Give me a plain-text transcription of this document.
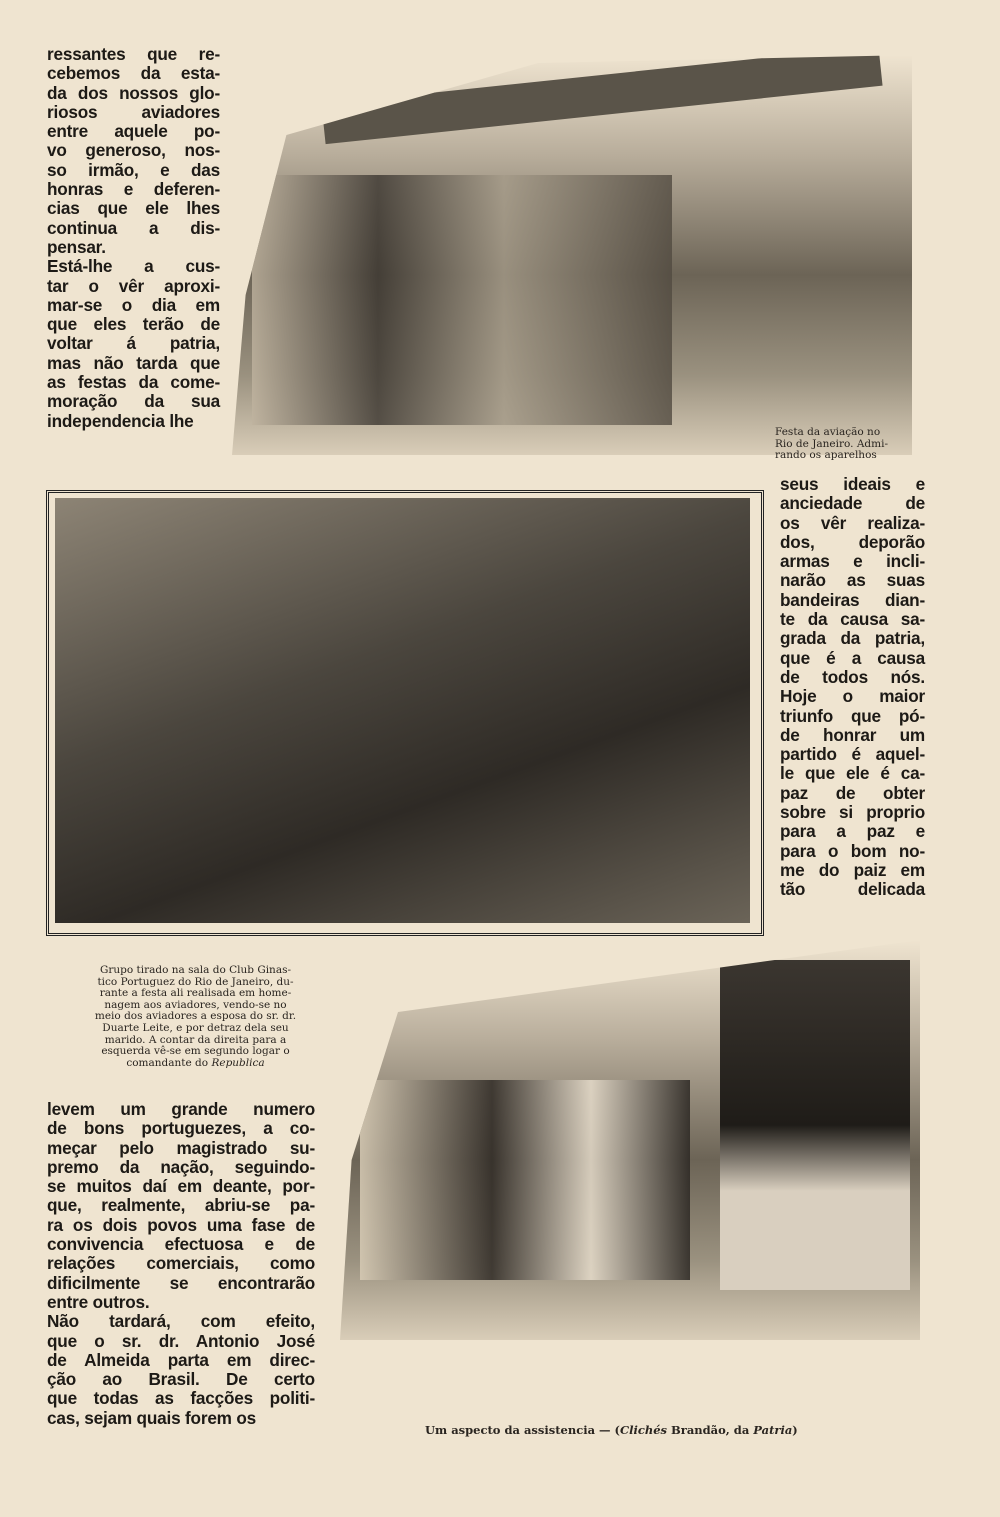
ressantes que re-
cebemos da esta-
da dos nossos glo-
riosos aviadores
entre aquele po-
vo generoso, nos-
so irmão, e das
honras e deferen-
cias que ele lhes
continua a dis-
pensar.
Está-lhe a cus-
tar o vêr aproxi-
mar-se o dia em
que eles terão de
voltar á patria,
mas não tarda que
as festas da come-
moração da sua
independencia lhe
Festa da aviação no
Rio de Janeiro. Admi-
rando os aparelhos
seus ideais e
anciedade de
os vêr realiza-
dos, deporão
armas e incli-
narão as suas
bandeiras dian-
te da causa sa-
grada da patria,
que é a causa
de todos nós.
Hoje o maior
triunfo que pó-
de honrar um
partido é aquel-
le que ele é ca-
paz de obter
sobre si proprio
para a paz e
para o bom no-
me do paiz em
tão delicada
Grupo tirado na sala do Club Ginas-
tico Portuguez do Rio de Janeiro, du-
rante a festa ali realisada em home-
nagem aos aviadores, vendo-se no
meio dos aviadores a esposa do sr. dr.
Duarte Leite, e por detraz dela seu
marido. A contar da direita para a
esquerda vê-se em segundo logar o
comandante do Republica
levem um grande numero
de bons portuguezes, a co-
meçar pelo magistrado su-
premo da nação, seguindo-
se muitos daí em deante, por-
que, realmente, abriu-se pa-
ra os dois povos uma fase de
convivencia efectuosa e de
relações comerciais, como
dificilmente se encontrarão
entre outros.
Não tardará, com efeito,
que o sr. dr. Antonio José
de Almeida parta em direc-
ção ao Brasil. De certo
que todas as facções politi-
cas, sejam quais forem os
Um aspecto da assistencia — (Clichés Brandão, da Patria)
